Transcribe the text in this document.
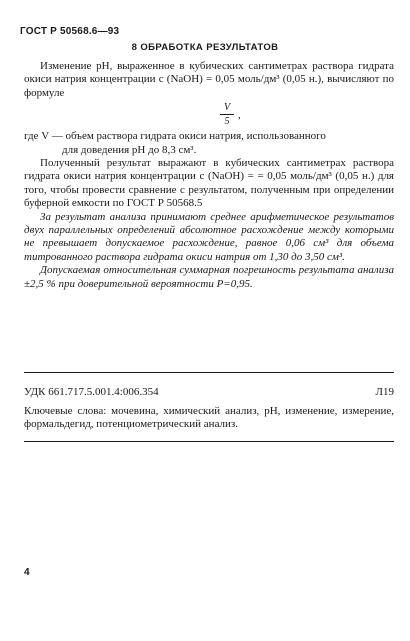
ГОСТ Р 50568.6—93
8 ОБРАБОТКА РЕЗУЛЬТАТОВ

Изменение рН, выраженное в кубических сантиметрах раствора гидрата окиси натрия концентрации с (NaOH) = 0,05 моль/дм³ (0,05 н.), вычисляют по формуле

V
5
,

где V — объем раствора гидрата окиси натрия, использованного

для доведения рН до 8,3 см³.

Полученный результат выражают в кубических сантиметрах раствора гидрата окиси натрия концентрации с (NaOH) = = 0,05 моль/дм³ (0,05 н.) для того, чтобы провести сравнение с результатом, полученным при определении буферной емкости по ГОСТ Р 50568.5

За результат анализа принимают среднее арифметическое результатов двух параллельных определений абсолютное расхождение между которыми не превышает допускаемое расхождение, равное 0,06 см³ для объема титрованного раствора гидрата окиси натрия от 1,30 до 3,50 см³.

Допускаемая относительная суммарная погрешность результата анализа ±2,5 % при доверительной вероятности Р=0,95.

УДК 661.717.5.001.4:006.354	Л19
Ключевые слова: мочевина, химический анализ, рН, изменение, измерение, формальдегид, потенциометрический анализ.
4
